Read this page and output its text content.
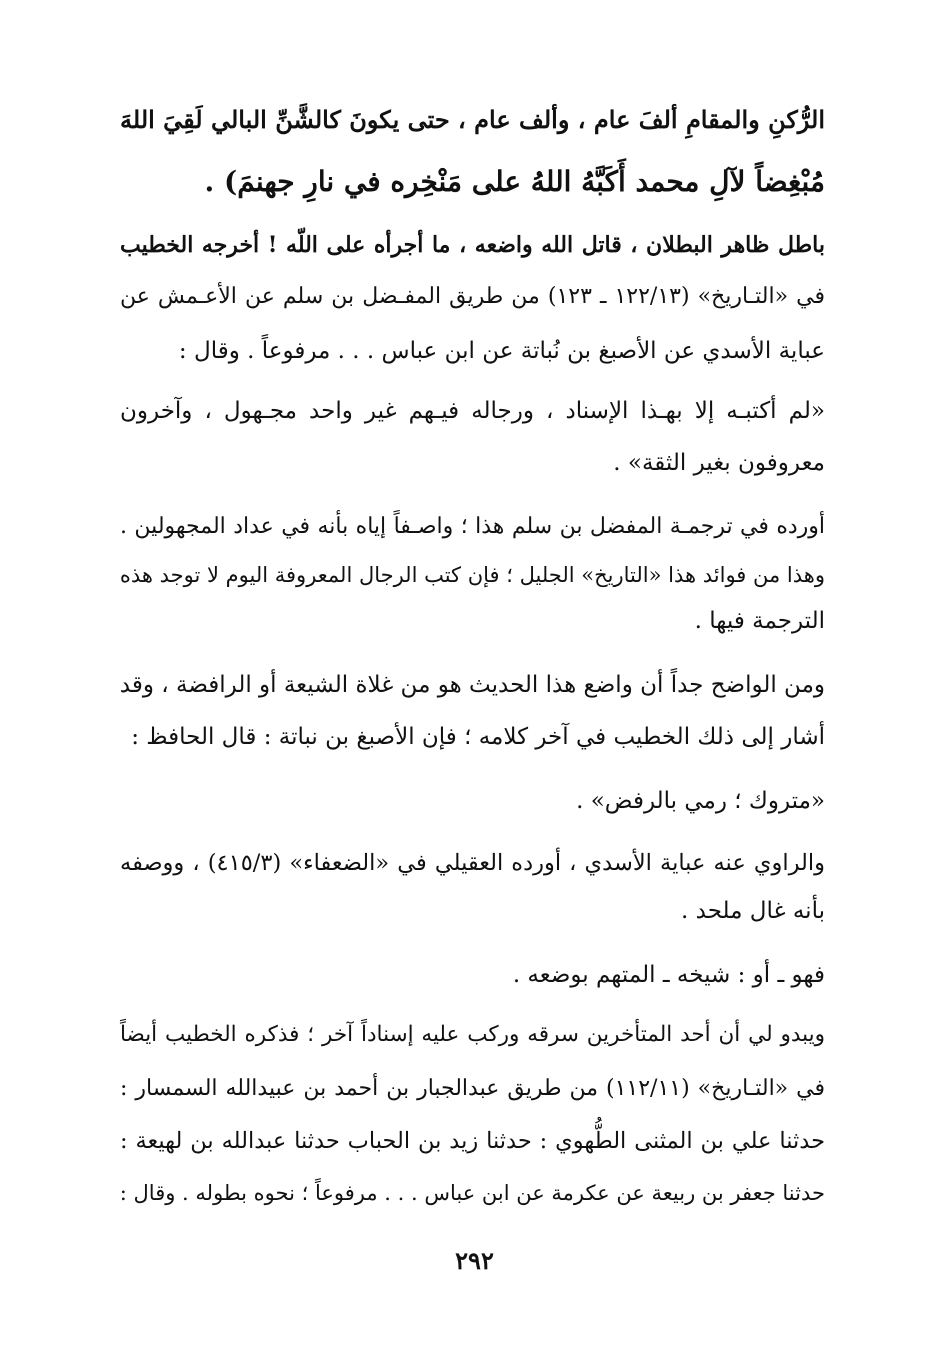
الرُّكنِ والمقامِ ألفَ عام ، وألف عام ، حتى يكونَ كالشَّنِّ البالي لَقِيَ اللهَ
مُبْغِضاً لآلِ محمد أَكَبَّهُ اللهُ على مَنْخِره في نارِ جهنمَ) .
باطل ظاهر البطلان ، قاتل الله واضعه ، ما أجرأه على اللّه ! أخرجه الخطيب
في «التـاريخ» (١٢٢/١٣ ـ ١٢٣) من طريق المفـضل بن سلم عن الأعـمش عن
عباية الأسدي عن الأصبغ بن نُباتة عن ابن عباس . . . مرفوعاً . وقال :
«لم أكتبـه إلا بهـذا الإسناد ، ورجاله فيـهم غير واحد مجـهول ، وآخرون
معروفون بغير الثقة» .
أورده في ترجمـة المفضل بن سلم هذا ؛ واصـفاً إياه بأنه في عداد المجهولين .
وهذا من فوائد هذا «التاريخ» الجليل ؛ فإن كتب الرجال المعروفة اليوم لا توجد هذه
الترجمة فيها .
ومن الواضح جداً أن واضع هذا الحديث هو من غلاة الشيعة أو الرافضة ، وقد
أشار إلى ذلك الخطيب في آخر كلامه ؛ فإن الأصبغ بن نباتة : قال الحافظ :
«متروك ؛ رمي بالرفض» .
والراوي عنه عباية الأسدي ، أورده العقيلي في «الضعفاء» (٤١٥/٣) ، ووصفه
بأنه غال ملحد .
فهو ـ أو : شيخه ـ المتهم بوضعه .
ويبدو لي أن أحد المتأخرين سرقه وركب عليه إسناداً آخر ؛ فذكره الخطيب أيضاً
في «التـاريخ» (١١٢/١١) من طريق عبدالجبار بن أحمد بن عبيدالله السمسار :
حدثنا علي بن المثنى الطُّهوي : حدثنا زيد بن الحباب حدثنا عبدالله بن لهيعة :
حدثنا جعفر بن ربيعة عن عكرمة عن ابن عباس . . . مرفوعاً ؛ نحوه بطوله . وقال :
٢٩٢
